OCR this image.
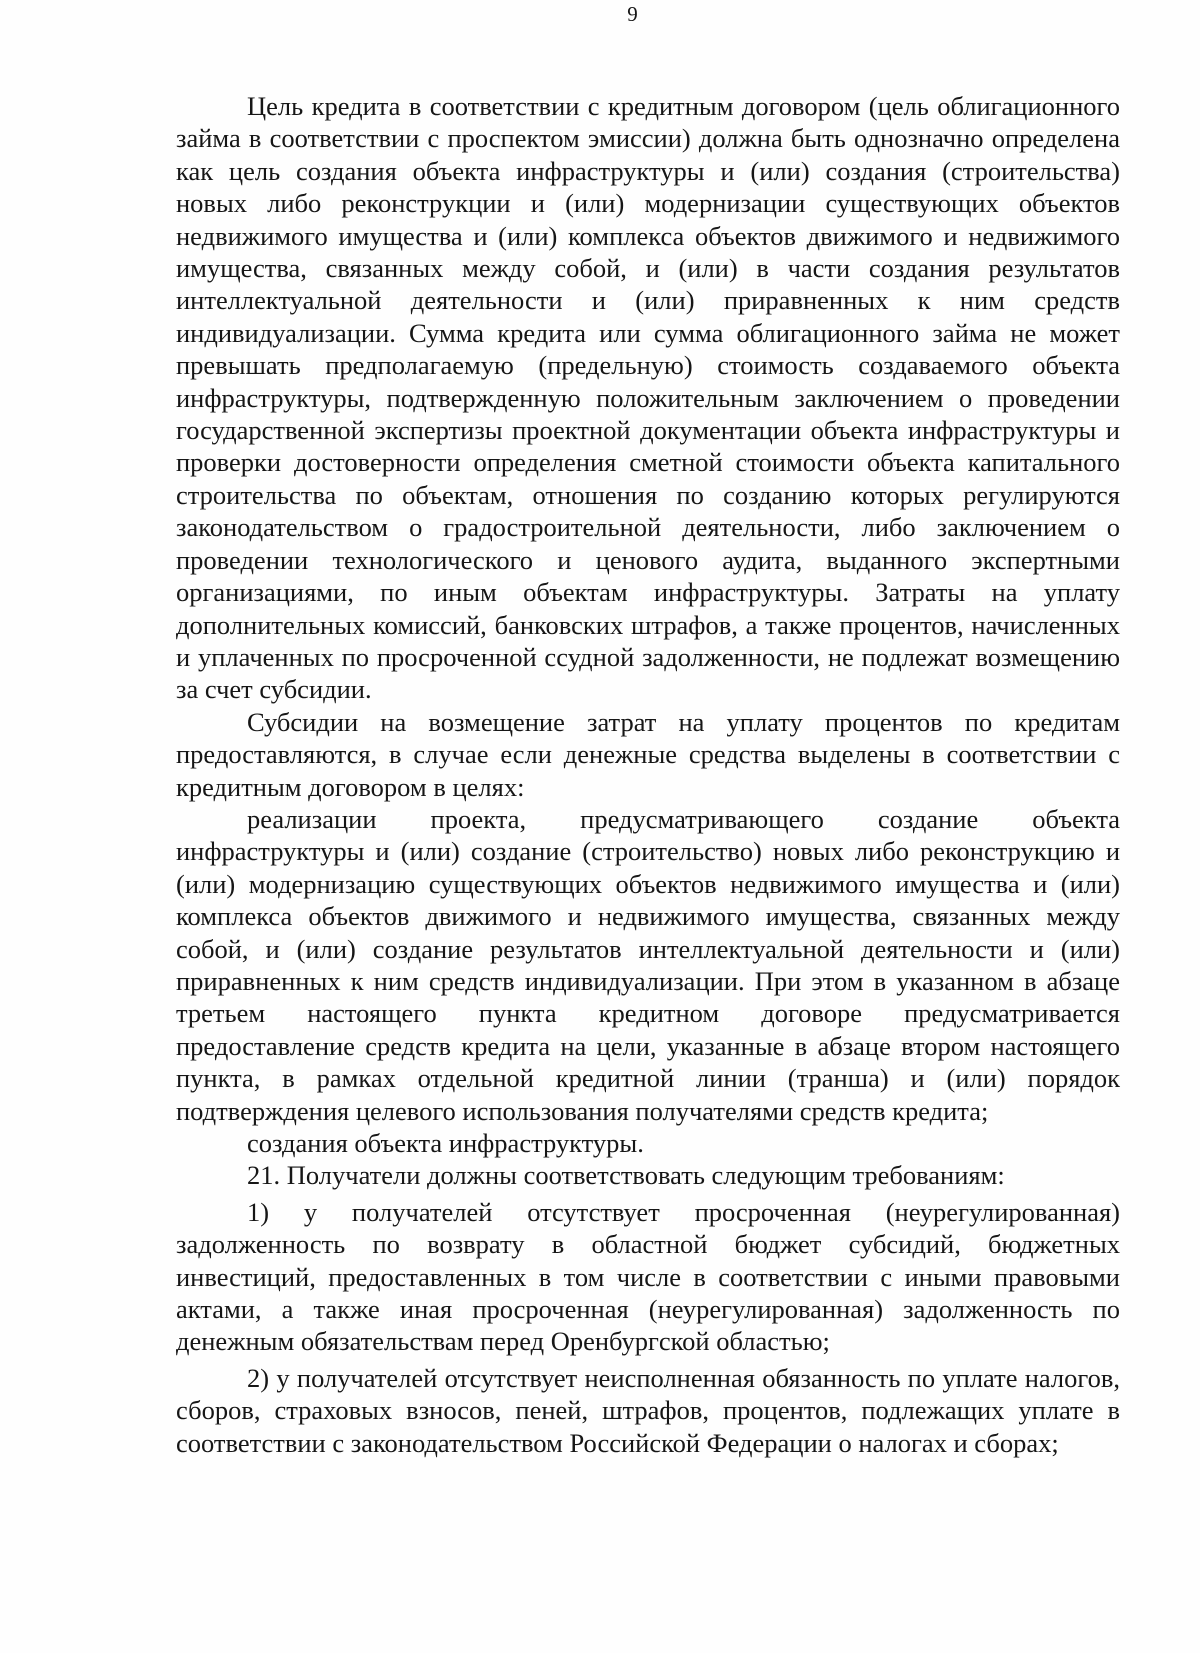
9

Цель кредита в соответствии с кредитным договором (цель облигационного займа в соответствии с проспектом эмиссии) должна быть однозначно определена как цель создания объекта инфраструктуры и (или) создания (строительства) новых либо реконструкции и (или) модернизации существующих объектов недвижимого имущества и (или) комплекса объектов движимого и недвижимого имущества, связанных между собой, и (или) в части создания результатов интеллектуальной деятельности и (или) приравненных к ним средств индивидуализации. Сумма кредита или сумма облигационного займа не может превышать предполагаемую (предельную) стоимость создаваемого объекта инфраструктуры, подтвержденную положительным заключением о проведении государственной экспертизы проектной документации объекта инфраструктуры и проверки достоверности определения сметной стоимости объекта капитального строительства по объектам, отношения по созданию которых регулируются законодательством о градостроительной деятельности, либо заключением о проведении технологического и ценового аудита, выданного экспертными организациями, по иным объектам инфраструктуры. Затраты на уплату дополнительных комиссий, банковских штрафов, а также процентов, начисленных и уплаченных по просроченной ссудной задолженности, не подлежат возмещению за счет субсидии.

Субсидии на возмещение затрат на уплату процентов по кредитам предоставляются, в случае если денежные средства выделены в соответствии с кредитным договором в целях:

реализации проекта, предусматривающего создание объекта инфраструктуры и (или) создание (строительство) новых либо реконструкцию и (или) модернизацию существующих объектов недвижимого имущества и (или) комплекса объектов движимого и недвижимого имущества, связанных между собой, и (или) создание результатов интеллектуальной деятельности и (или) приравненных к ним средств индивидуализации. При этом в указанном в абзаце третьем настоящего пункта кредитном договоре предусматривается предоставление средств кредита на цели, указанные в абзаце втором настоящего пункта, в рамках отдельной кредитной линии (транша) и (или) порядок подтверждения целевого использования получателями средств кредита;

создания объекта инфраструктуры.

21. Получатели должны соответствовать следующим требованиям:

1) у получателей отсутствует просроченная (неурегулированная) задолженность по возврату в областной бюджет субсидий, бюджетных инвестиций, предоставленных в том числе в соответствии с иными правовыми актами, а также иная просроченная (неурегулированная) задолженность по денежным обязательствам перед Оренбургской областью;

2) у получателей отсутствует неисполненная обязанность по уплате налогов, сборов, страховых взносов, пеней, штрафов, процентов, подлежащих уплате в соответствии с законодательством Российской Федерации о налогах и сборах;
